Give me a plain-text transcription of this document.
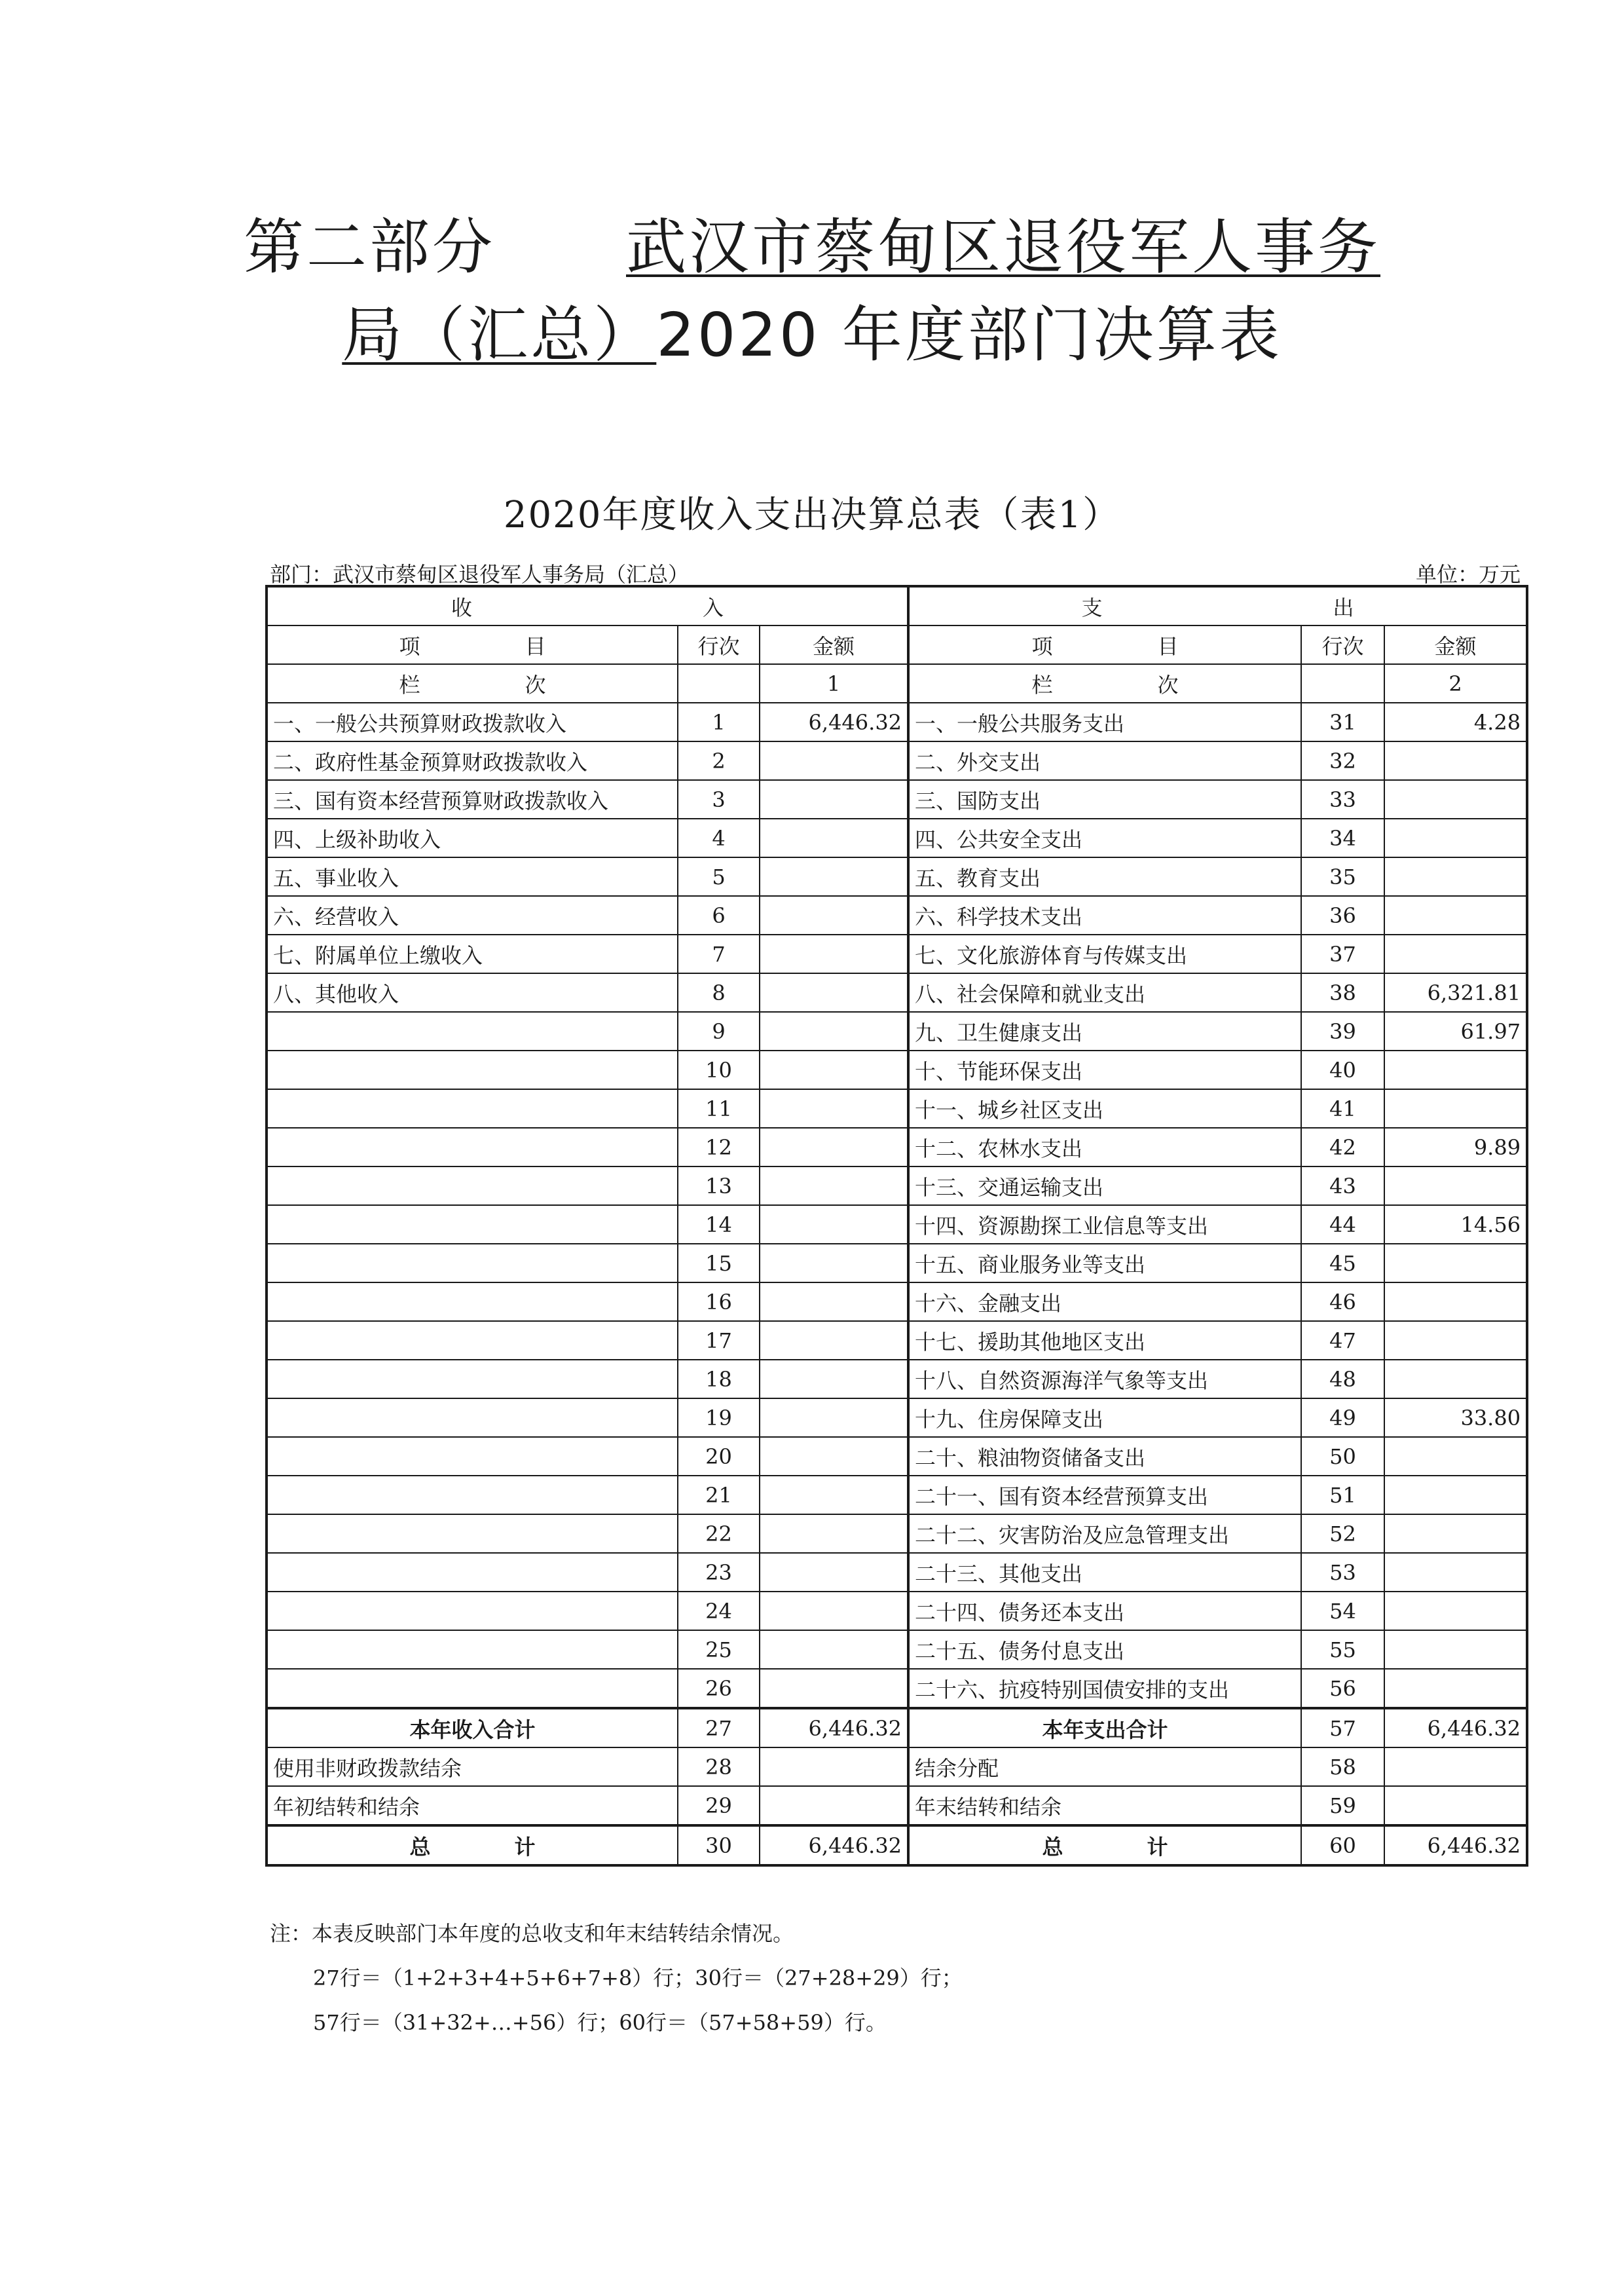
第二部分 武汉市蔡甸区退役军人事务
局（汇总）2020 年度部门决算表
2020年度收入支出决算总表（表1）
部门：武汉市蔡甸区退役军人事务局（汇总）	单位：万元
收　　　　　　　　　　　入			支　　　　　　　　　　　出		
项　　　　　目	行次	金额	项　　　　　目	行次	金额
栏　　　　　次		1	栏　　　　　次		2
一、一般公共预算财政拨款收入	1	6,446.32	一、一般公共服务支出	31	4.28
二、政府性基金预算财政拨款收入	2		二、外交支出	32	
三、国有资本经营预算财政拨款收入	3		三、国防支出	33	
四、上级补助收入	4		四、公共安全支出	34	
五、事业收入	5		五、教育支出	35	
六、经营收入	6		六、科学技术支出	36	
七、附属单位上缴收入	7		七、文化旅游体育与传媒支出	37	
八、其他收入	8		八、社会保障和就业支出	38	6,321.81
	9		九、卫生健康支出	39	61.97
	10		十、节能环保支出	40	
	11		十一、城乡社区支出	41	
	12		十二、农林水支出	42	9.89
	13		十三、交通运输支出	43	
	14		十四、资源勘探工业信息等支出	44	14.56
	15		十五、商业服务业等支出	45	
	16		十六、金融支出	46	
	17		十七、援助其他地区支出	47	
	18		十八、自然资源海洋气象等支出	48	
	19		十九、住房保障支出	49	33.80
	20		二十、粮油物资储备支出	50	
	21		二十一、国有资本经营预算支出	51	
	22		二十二、灾害防治及应急管理支出	52	
	23		二十三、其他支出	53	
	24		二十四、债务还本支出	54	
	25		二十五、债务付息支出	55	
	26		二十六、抗疫特别国债安排的支出	56	
本年收入合计	27	6,446.32	本年支出合计	57	6,446.32
使用非财政拨款结余	28		结余分配	58	
年初结转和结余	29		年末结转和结余	59	
总　　　　计	30	6,446.32	总　　　　计	60	6,446.32
注：本表反映部门本年度的总收支和年末结转结余情况。
27行＝（1+2+3+4+5+6+7+8）行；30行＝（27+28+29）行；
57行＝（31+32+…+56）行；60行＝（57+58+59）行。
